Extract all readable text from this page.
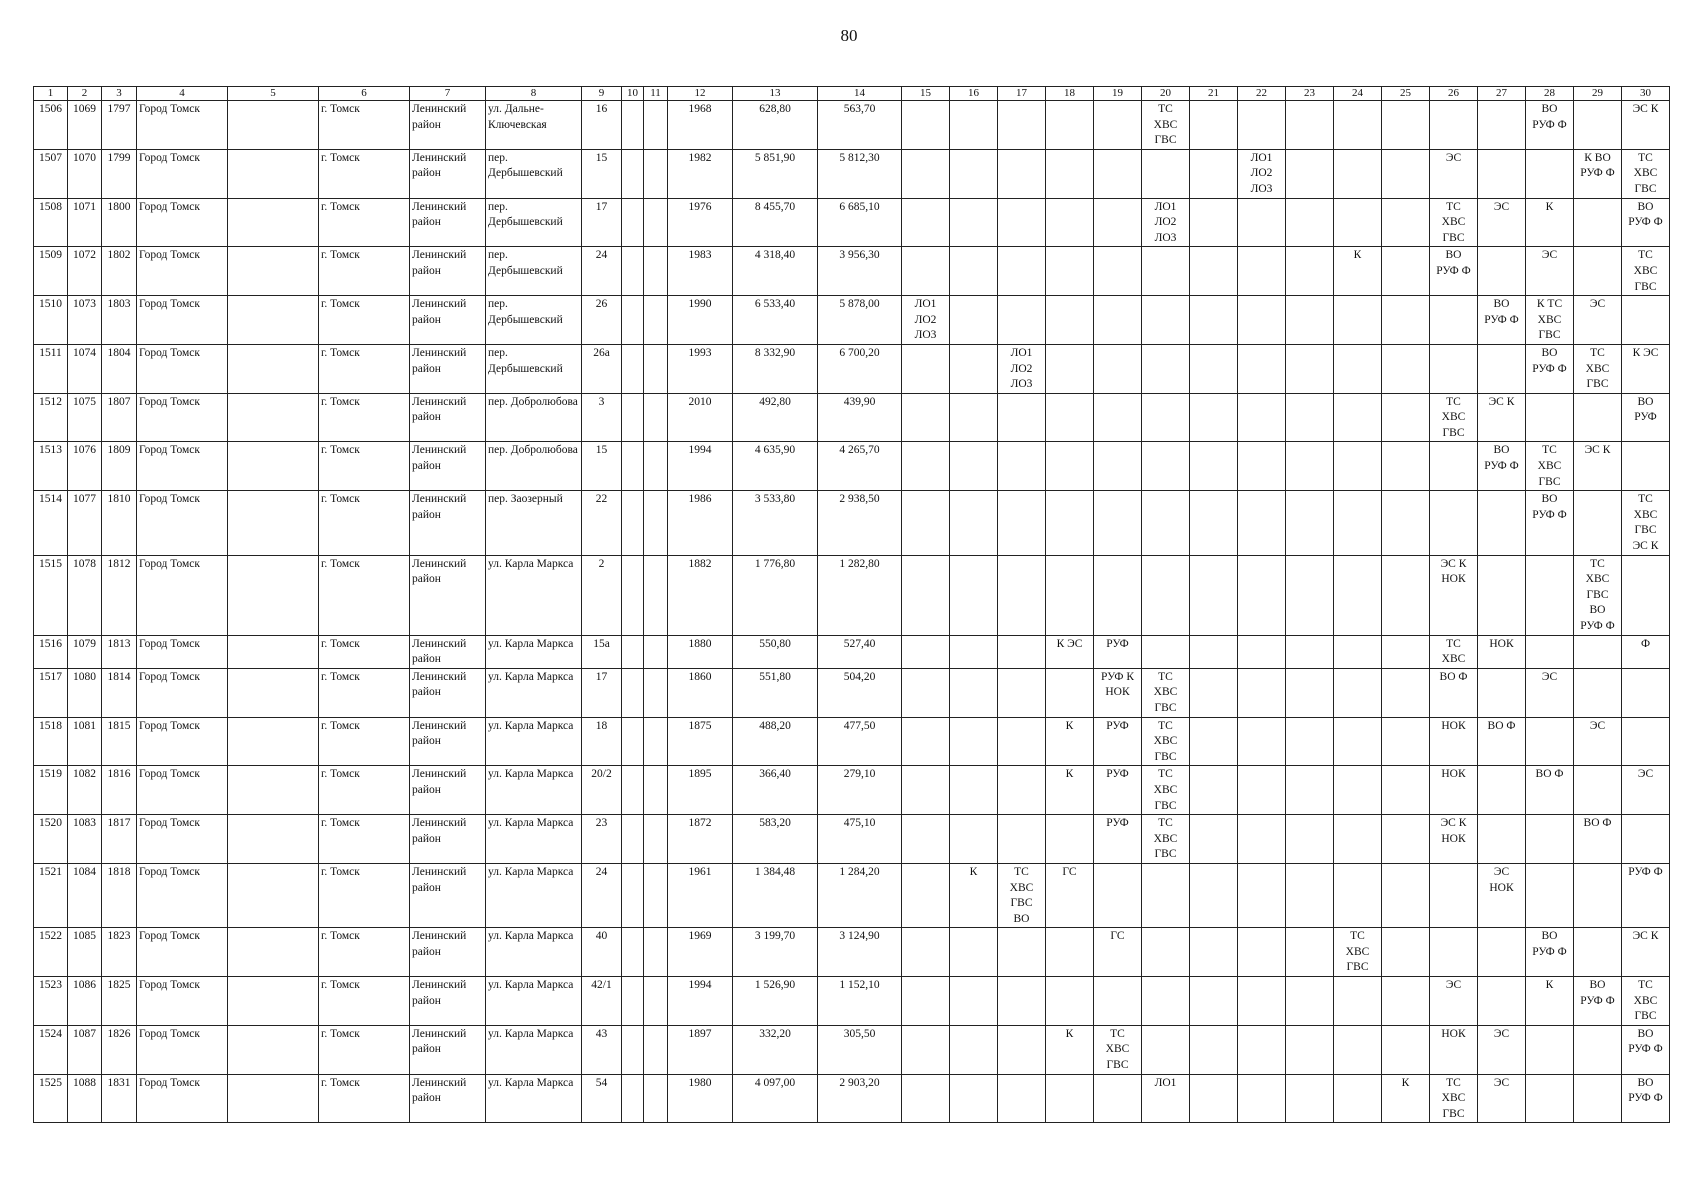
80
1	2	3	4	5	6	7	8	9	10	11	12	13	14	15	16	17	18	19	20	21	22	23	24	25	26	27	28	29	30
1506	1069	1797	Город Томск		г. Томск	Ленинский район	ул. Дальне-Ключевская	16			1968	628,80	563,70						ТС
ХВС
ГВС								ВО
РУФ Ф		ЭС К
1507	1070	1799	Город Томск		г. Томск	Ленинский район	пер. Дербышевский	15			1982	5 851,90	5 812,30								ЛО1
ЛО2
ЛО3				ЭС			К ВО
РУФ Ф	ТС
ХВС
ГВС
1508	1071	1800	Город Томск		г. Томск	Ленинский район	пер. Дербышевский	17			1976	8 455,70	6 685,10						ЛО1
ЛО2
ЛО3						ТС
ХВС
ГВС	ЭС	К		ВО
РУФ Ф
1509	1072	1802	Город Томск		г. Томск	Ленинский район	пер. Дербышевский	24			1983	4 318,40	3 956,30										К		ВО
РУФ Ф		ЭС		ТС
ХВС
ГВС
1510	1073	1803	Город Томск		г. Томск	Ленинский район	пер. Дербышевский	26			1990	6 533,40	5 878,00	ЛО1
ЛО2
ЛО3												ВО
РУФ Ф	К ТС
ХВС
ГВС	ЭС	
1511	1074	1804	Город Томск		г. Томск	Ленинский район	пер. Дербышевский	26а			1993	8 332,90	6 700,20			ЛО1
ЛО2
ЛО3											ВО
РУФ Ф	ТС
ХВС
ГВС	К ЭС
1512	1075	1807	Город Томск		г. Томск	Ленинский район	пер. Добролюбова	3			2010	492,80	439,90												ТС
ХВС
ГВС	ЭС К			ВО
РУФ
1513	1076	1809	Город Томск		г. Томск	Ленинский район	пер. Добролюбова	15			1994	4 635,90	4 265,70													ВО
РУФ Ф	ТС
ХВС
ГВС	ЭС К	
1514	1077	1810	Город Томск		г. Томск	Ленинский район	пер. Заозерный	22			1986	3 533,80	2 938,50														ВО
РУФ Ф		ТС
ХВС
ГВС
ЭС К
1515	1078	1812	Город Томск		г. Томск	Ленинский район	ул. Карла Маркса	2			1882	1 776,80	1 282,80												ЭС К
НОК			ТС
ХВС
ГВС
ВО
РУФ Ф	
1516	1079	1813	Город Томск		г. Томск	Ленинский район	ул. Карла Маркса	15а			1880	550,80	527,40				К ЭС	РУФ							ТС
ХВС	НОК			Ф
1517	1080	1814	Город Томск		г. Томск	Ленинский район	ул. Карла Маркса	17			1860	551,80	504,20					РУФ К
НОК	ТС
ХВС
ГВС						ВО Ф		ЭС		
1518	1081	1815	Город Томск		г. Томск	Ленинский район	ул. Карла Маркса	18			1875	488,20	477,50				К	РУФ	ТС
ХВС
ГВС						НОК	ВО Ф		ЭС	
1519	1082	1816	Город Томск		г. Томск	Ленинский район	ул. Карла Маркса	20/2			1895	366,40	279,10				К	РУФ	ТС
ХВС
ГВС						НОК		ВО Ф		ЭС
1520	1083	1817	Город Томск		г. Томск	Ленинский район	ул. Карла Маркса	23			1872	583,20	475,10					РУФ	ТС
ХВС
ГВС						ЭС К
НОК			ВО Ф	
1521	1084	1818	Город Томск		г. Томск	Ленинский район	ул. Карла Маркса	24			1961	1 384,48	1 284,20		К	ТС
ХВС
ГВС
ВО	ГС									ЭС
НОК			РУФ Ф
1522	1085	1823	Город Томск		г. Томск	Ленинский район	ул. Карла Маркса	40			1969	3 199,70	3 124,90					ГС					ТС
ХВС
ГВС				ВО
РУФ Ф		ЭС К
1523	1086	1825	Город Томск		г. Томск	Ленинский район	ул. Карла Маркса	42/1			1994	1 526,90	1 152,10												ЭС		К	ВО
РУФ Ф	ТС
ХВС
ГВС
1524	1087	1826	Город Томск		г. Томск	Ленинский район	ул. Карла Маркса	43			1897	332,20	305,50				К	ТС
ХВС
ГВС							НОК	ЭС			ВО
РУФ Ф
1525	1088	1831	Город Томск		г. Томск	Ленинский район	ул. Карла Маркса	54			1980	4 097,00	2 903,20						ЛО1					К	ТС
ХВС
ГВС	ЭС			ВО
РУФ Ф
